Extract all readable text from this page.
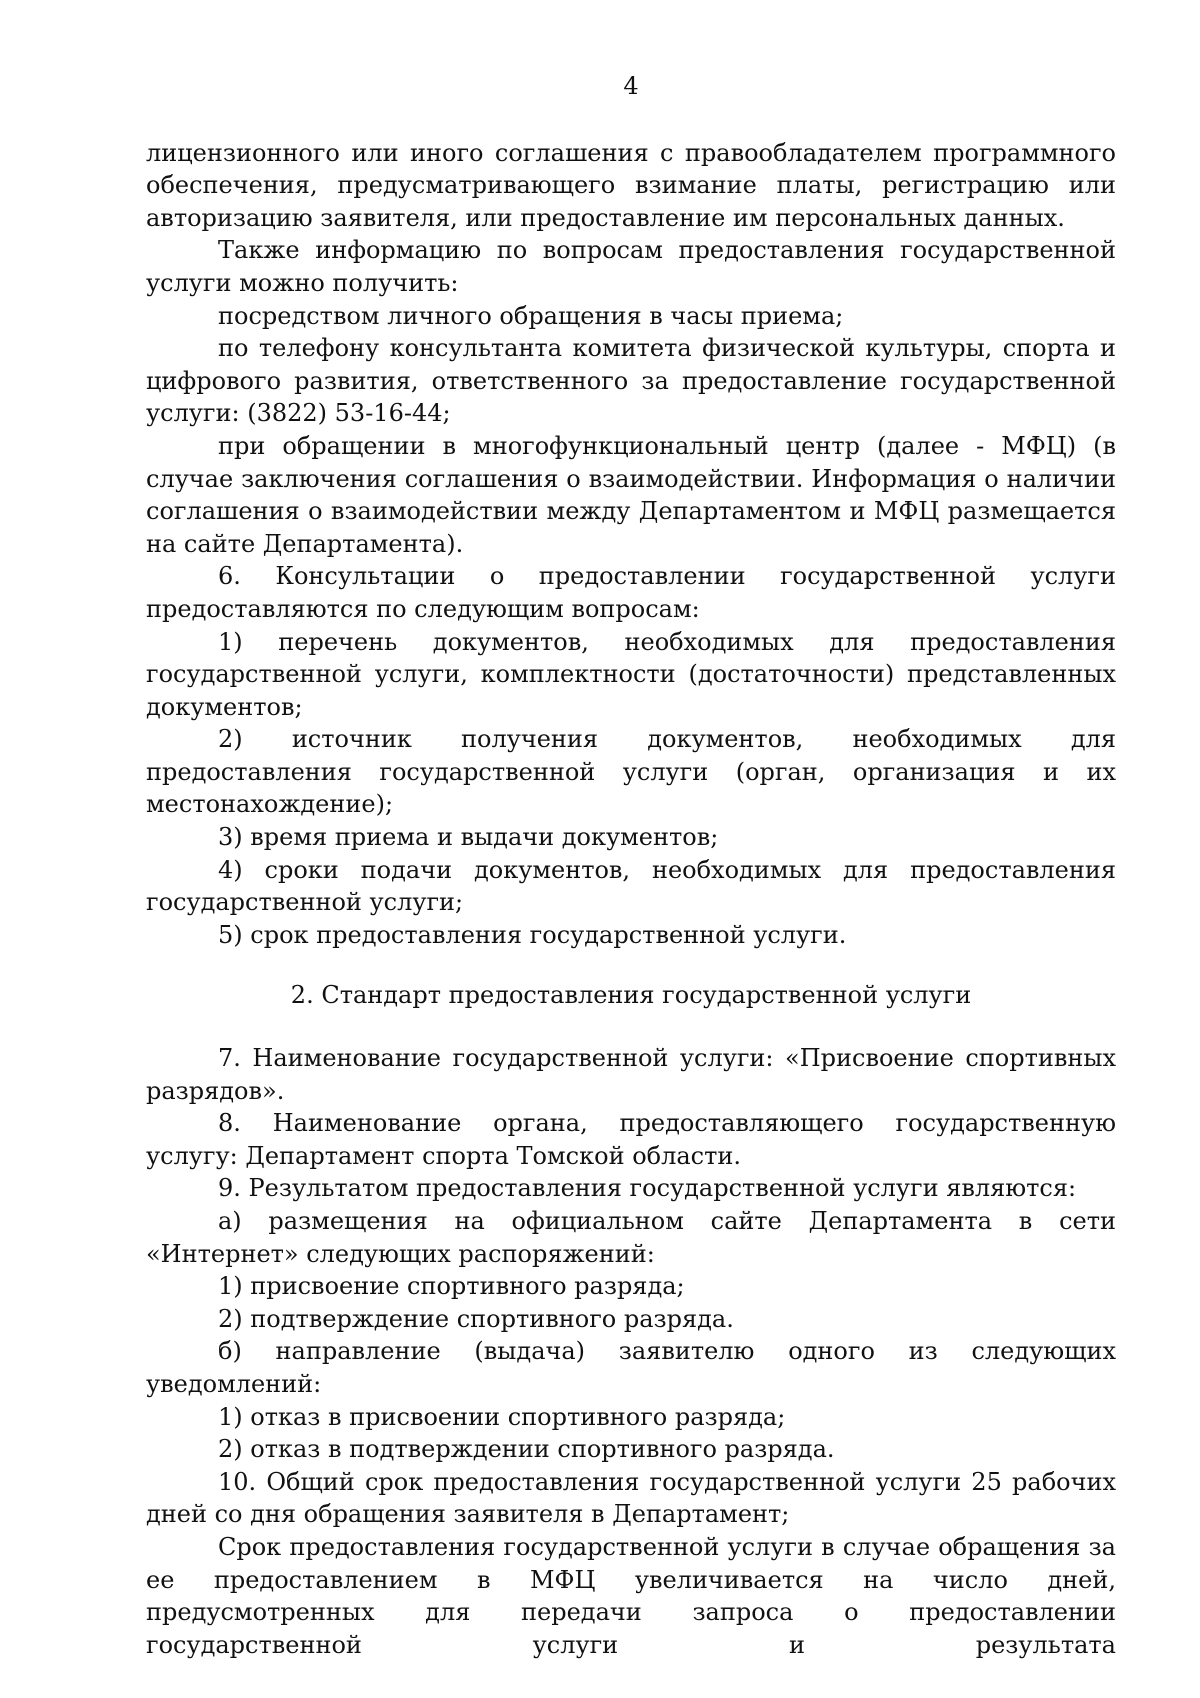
4

лицензионного или иного соглашения с правообладателем программного обеспечения, предусматривающего взимание платы, регистрацию или авторизацию заявителя, или предоставление им персональных данных.

Также информацию по вопросам предоставления государственной услуги можно получить:

посредством личного обращения в часы приема;

по телефону консультанта комитета физической культуры, спорта и цифрового развития, ответственного за предоставление государственной услуги: (3822) 53-16-44;

при обращении в многофункциональный центр (далее - МФЦ) (в случае заключения соглашения о взаимодействии. Информация о наличии соглашения о взаимодействии между Департаментом и МФЦ размещается на сайте Департамента).

6. Консультации о предоставлении государственной услуги предоставляются по следующим вопросам:

1) перечень документов, необходимых для предоставления государственной услуги, комплектности (достаточности) представленных документов;

2) источник получения документов, необходимых для предоставления государственной услуги (орган, организация и их местонахождение);

3) время приема и выдачи документов;

4) сроки подачи документов, необходимых для предоставления государственной услуги;

5) срок предоставления государственной услуги.

2. Стандарт предоставления государственной услуги

7. Наименование государственной услуги: «Присвоение спортивных разрядов».

8. Наименование органа, предоставляющего государственную услугу: Департамент спорта Томской области.

9. Результатом предоставления государственной услуги являются:

а) размещения на официальном сайте Департамента в сети «Интернет» следующих распоряжений:

1) присвоение спортивного разряда;

2) подтверждение спортивного разряда.

б) направление (выдача) заявителю одного из следующих уведомлений:

1) отказ в присвоении спортивного разряда;

2) отказ в подтверждении спортивного разряда.

10. Общий срок предоставления государственной услуги 25 рабочих дней со дня обращения заявителя в Департамент;

Срок предоставления государственной услуги в случае обращения за ее предоставлением в МФЦ увеличивается на число дней, предусмотренных для передачи запроса о предоставлении государственной услуги и результата
